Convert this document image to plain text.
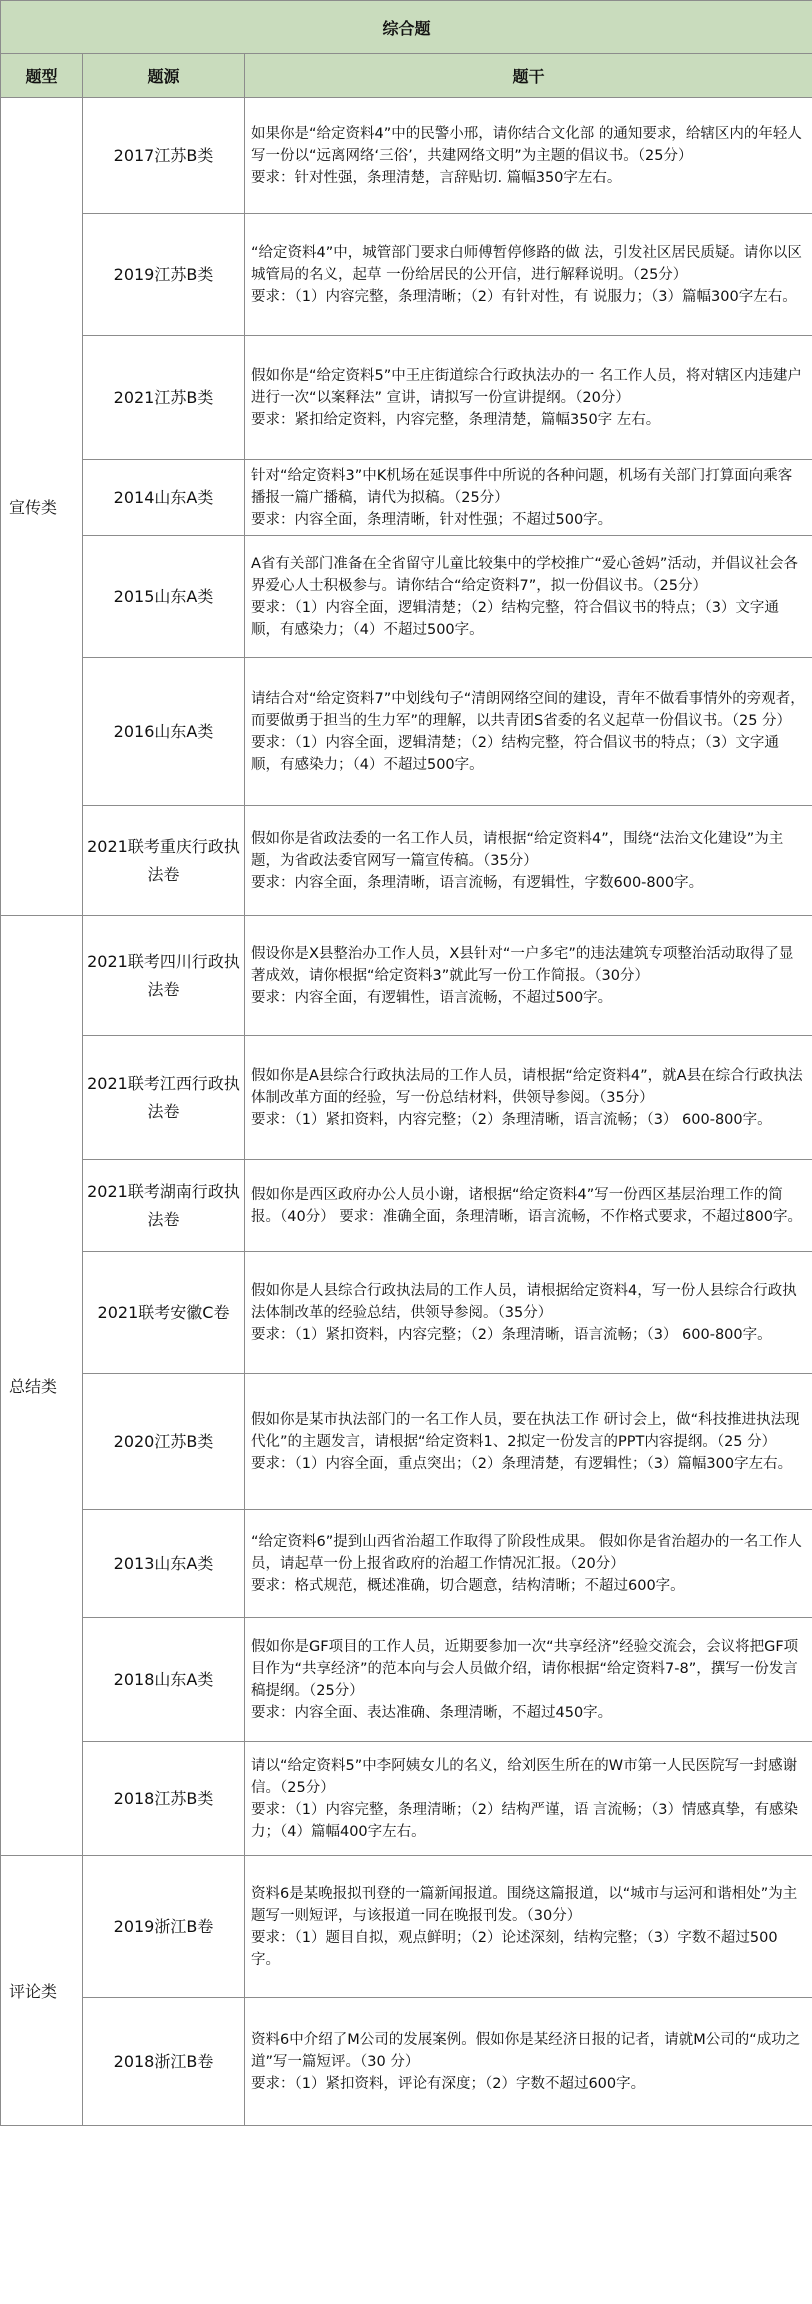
综合题		
题型	题源	题干
宣传类	2017江苏B类	如果你是“给定资料4”中的民警小邢，请你结合文化部 的通知要求，给辖区内的年轻人写一份以“远离网络‘三俗’，共建网络文明”为主题的倡议书。（25分）
要求：针对性强，条理清楚，言辞贴切. 篇幅350字左右。

	2019江苏B类	“给定资料4”中，城管部门要求白师傅暂停修路的做 法，引发社区居民质疑。请你以区城管局的名义，起草 一份给居民的公开信，进行解释说明。（25分）
要求：（1）内容完整，条理清晰；（2）有针对性，有 说服力；（3）篇幅300字左右。

	2021江苏B类	假如你是“给定资料5”中王庄街道综合行政执法办的一 名工作人员，将对辖区内违建户进行一次“以案释法” 宣讲，请拟写一份宣讲提纲。（20分）
要求：紧扣给定资料，内容完整，条理清楚，篇幅350字 左右。

	2014山东A类	针对“给定资料3”中K机场在延误事件中所说的各种问题，机场有关部门打算面向乘客播报一篇广播稿，请代为拟稿。（25分）
要求：内容全面，条理清晰，针对性强；不超过500字。

	2015山东A类	A省有关部门准备在全省留守儿童比较集中的学校推广“爱心爸妈”活动，并倡议社会各界爱心人士积极参与。请你结合“给定资料7”，拟一份倡议书。（25分）
要求：（1）内容全面，逻辑清楚；（2）结构完整，符合倡议书的特点；（3）文字通顺，有感染力；（4）不超过500字。

	2016山东A类	请结合对“给定资料7”中划线句子“清朗网络空间的建设，青年不做看事情外的旁观者，而要做勇于担当的生力军”的理解，以共青团S省委的名义起草一份倡议书。（25 分）
要求：（1）内容全面，逻辑清楚；（2）结构完整，符合倡议书的特点；（3）文字通顺，有感染力；（4）不超过500字。

	2021联考重庆行政执法卷	假如你是省政法委的一名工作人员，请根据“给定资料4”，围绕“法治文化建设”为主题，为省政法委官网写一篇宣传稿。（35分）
要求：内容全面，条理清晰，语言流畅，有逻辑性，字数600-800字。

总结类	2021联考四川行政执法卷	假设你是X县整治办工作人员，X县针对“一户多宅”的违法建筑专项整治活动取得了显著成效，请你根据“给定资料3”就此写一份工作简报。（30分）
要求：内容全面，有逻辑性，语言流畅，不超过500字。

	2021联考江西行政执法卷	假如你是A县综合行政执法局的工作人员，请根据“给定资料4”，就A县在综合行政执法体制改革方面的经验，写一份总结材料，供领导参阅。（35分）
要求：（1）紧扣资料，内容完整；（2）条理清晰，语言流畅；（3） 600-800字。

	2021联考湖南行政执法卷	假如你是西区政府办公人员小谢，诸根据“给定资料4”写一份西区基层治理工作的简报。（40分） 要求：准确全面，条理清晰，语言流畅，不作格式要求，不超过800字。

	2021联考安徽C卷	假如你是人县综合行政执法局的工作人员，请根据给定资料4，写一份人县综合行政执法体制改革的经验总结，供领导参阅。（35分）
要求：（1）紧扣资料，内容完整；（2）条理清晰，语言流畅；（3） 600-800字。

	2020江苏B类	假如你是某市执法部门的一名工作人员，要在执法工作 研讨会上，做“科技推进执法现代化”的主题发言，请根据“给定资料1、2拟定一份发言的PPT内容提纲。（25 分）
要求：（1）内容全面，重点突出；（2）条理清楚，有逻辑性；（3）篇幅300字左右。

	2013山东A类	“给定资料6”提到山西省治超工作取得了阶段性成果。 假如你是省治超办的一名工作人员，请起草一份上报省政府的治超工作情况汇报。（20分）
要求：格式规范，概述准确，切合题意，结构清晰；不超过600字。

	2018山东A类	假如你是GF项目的工作人员，近期要参加一次“共享经济”经验交流会，会议将把GF项目作为“共享经济”的范本向与会人员做介绍，请你根据“给定资料7-8”，撰写一份发言稿提纲。（25分）
要求：内容全面、表达准确、条理清晰，不超过450字。

	2018江苏B类	请以“给定资料5”中李阿姨女儿的名义，给刘医生所在的W市第一人民医院写一封感谢信。（25分）
要求：（1）内容完整，条理清晰；（2）结构严谨，语 言流畅；（3）情感真挚，有感染力；（4）篇幅400字左右。

评论类	2019浙江B卷	资料6是某晚报拟刊登的一篇新闻报道。围绕这篇报道，以“城市与运河和谐相处”为主题写一则短评，与该报道一同在晚报刊发。（30分）
要求：（1）题目自拟，观点鲜明；（2）论述深刻，结构完整；（3）字数不超过500字。

	2018浙江B卷	资料6中介绍了M公司的发展案例。假如你是某经济日报的记者，请就M公司的“成功之道”写一篇短评。（30 分）
要求：（1）紧扣资料，评论有深度；（2）字数不超过600字。
